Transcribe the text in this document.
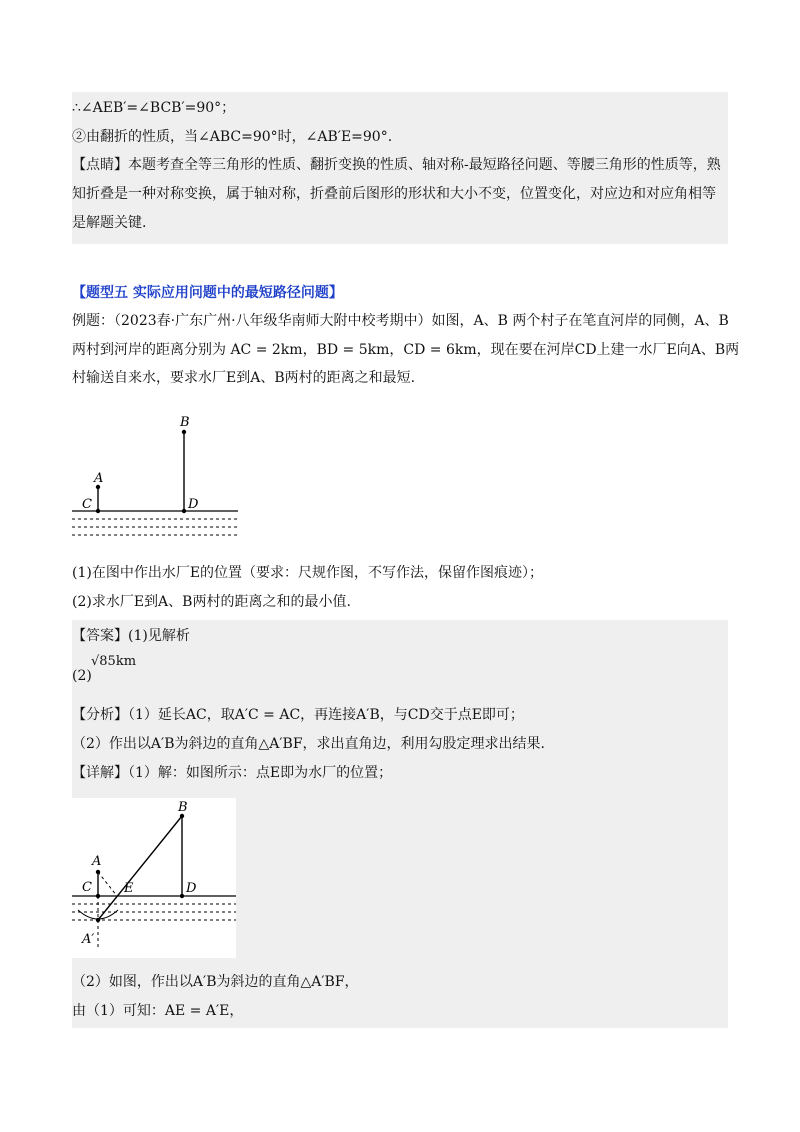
∴∠AEB′=∠BCB′=90°；
②由翻折的性质，当∠ABC=90°时，∠AB′E=90°.
【点睛】本题考查全等三角形的性质、翻折变换的性质、轴对称-最短路径问题、等腰三角形的性质等，熟
知折叠是一种对称变换，属于轴对称，折叠前后图形的形状和大小不变，位置变化，对应边和对应角相等
是解题关键.
【题型五 实际应用问题中的最短路径问题】
例题：（2023春·广东广州·八年级华南师大附中校考期中）如图，A、B 两个村子在笔直河岸的同侧，A、B
两村到河岸的距离分别为 AC = 2km，BD = 5km，CD = 6km，现在要在河岸CD上建一水厂E向A、B两
村输送自来水，要求水厂E到A、B两村的距离之和最短.
B
A
C	D
(1)在图中作出水厂E的位置（要求：尺规作图，不写作法，保留作图痕迹）；
(2)求水厂E到A、B两村的距离之和的最小值.
【答案】(1)见解析
(2)
√85km
【分析】（1）延长AC，取A′C = AC，再连接A′B，与CD交于点E即可；
（2）作出以A′B为斜边的直角△A′BF，求出直角边，利用勾股定理求出结果.
【详解】（1）解：如图所示：点E即为水厂的位置；
B
A
C E	D
A′
（2）如图，作出以A′B为斜边的直角△A′BF，
由（1）可知：AE = A′E，
